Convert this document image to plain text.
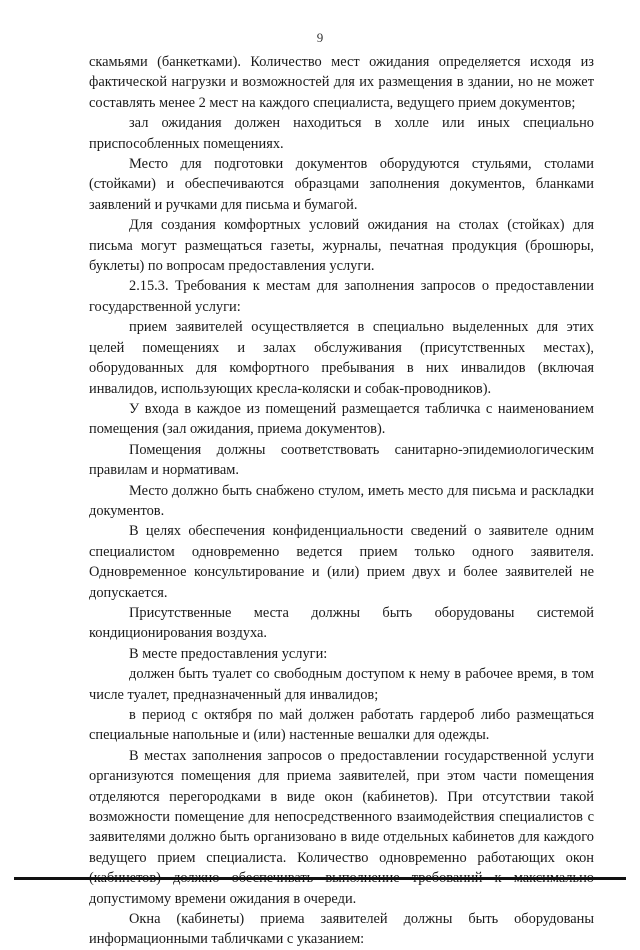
9

скамьями (банкетками). Количество мест ожидания определяется исходя из фактической нагрузки и возможностей для их размещения в здании, но не может составлять менее 2 мест на каждого специалиста, ведущего прием документов;

зал ожидания должен находиться в холле или иных специально приспособленных помещениях.

Место для подготовки документов оборудуются стульями, столами (стойками) и обеспечиваются образцами заполнения документов, бланками заявлений и ручками для письма и бумагой.

Для создания комфортных условий ожидания на столах (стойках) для письма могут размещаться газеты, журналы, печатная продукция (брошюры, буклеты) по вопросам предоставления услуги.

2.15.3. Требования к местам для заполнения запросов о предоставлении государственной услуги:

прием заявителей осуществляется в специально выделенных для этих целей помещениях и залах обслуживания (присутственных местах), оборудованных для комфортного пребывания в них инвалидов (включая инвалидов, использующих кресла-коляски и собак-проводников).

У входа в каждое из помещений размещается табличка с наименованием помещения (зал ожидания, приема документов).

Помещения должны соответствовать санитарно-эпидемиологическим правилам и нормативам.

Место должно быть снабжено стулом, иметь место для письма и раскладки документов.

В целях обеспечения конфиденциальности сведений о заявителе одним специалистом одновременно ведется прием только одного заявителя. Одновременное консультирование и (или) прием двух и более заявителей не допускается.

Присутственные места должны быть оборудованы системой кондиционирования воздуха.

В месте предоставления услуги:

должен быть туалет со свободным доступом к нему в рабочее время, в том числе туалет, предназначенный для инвалидов;

в период с октября по май должен работать гардероб либо размещаться специальные напольные и (или) настенные вешалки для одежды.

В местах заполнения запросов о предоставлении государственной услуги организуются помещения для приема заявителей, при этом части помещения отделяются перегородками в виде окон (кабинетов). При отсутствии такой возможности помещение для непосредственного взаимодействия специалистов с заявителями должно быть организовано в виде отдельных кабинетов для каждого ведущего прием специалиста. Количество одновременно работающих окон допустимому времени ожидания в очереди.

Окна (кабинеты) приема заявителей должны быть оборудованы информационными табличками с указанием:
